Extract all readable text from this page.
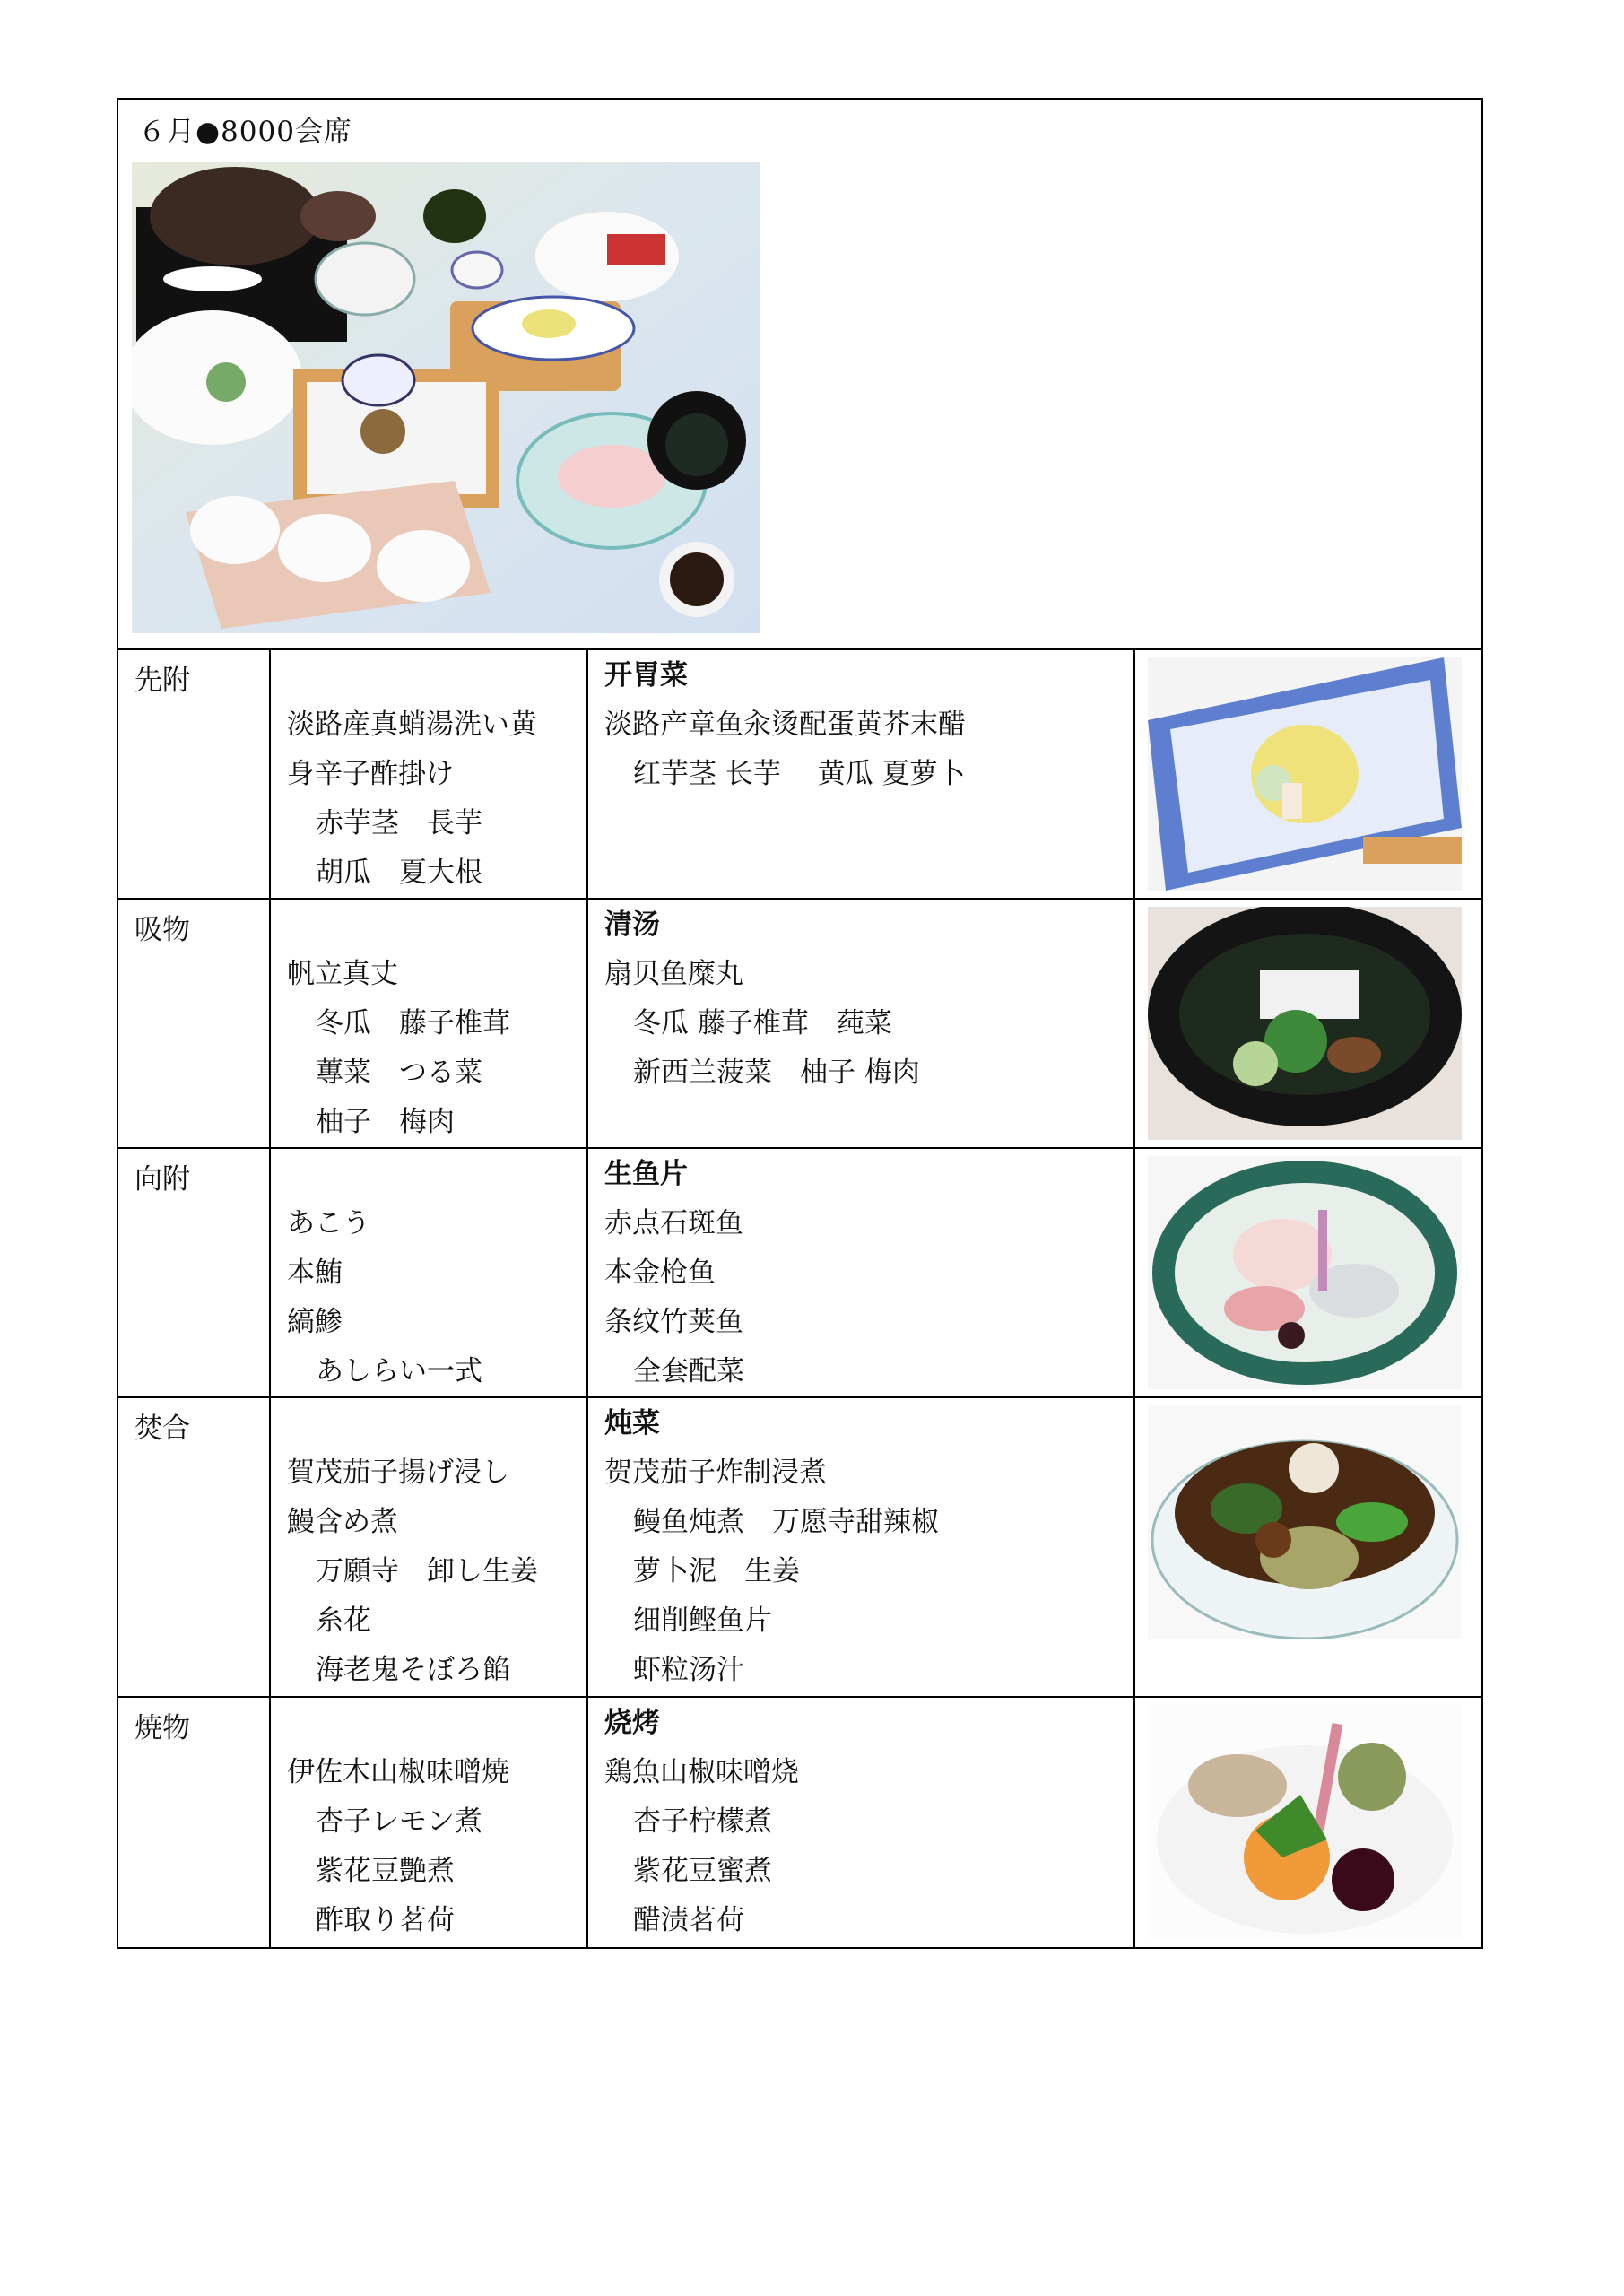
６月●8000会席
先附
淡路産真蛸湯洗い黄
身辛子酢掛け
赤芋茎　長芋
胡瓜　夏大根
开胃菜
淡路产章鱼汆烫配蛋黄芥末醋
红芋茎 长芋　 黄瓜 夏萝卜
吸物
帆立真丈
冬瓜　藤子椎茸
蓴菜　つる菜
柚子　梅肉
清汤
扇贝鱼糜丸
冬瓜 藤子椎茸　莼菜
新西兰菠菜　柚子 梅肉
向附
あこう
本鮪
縞鯵
あしらい一式
生鱼片
赤点石斑鱼
本金枪鱼
条纹竹荚鱼
全套配菜
焚合
賀茂茄子揚げ浸し
鰻含め煮
万願寺　卸し生姜
糸花
海老鬼そぼろ餡
炖菜
贺茂茄子炸制浸煮
鳗鱼炖煮　万愿寺甜辣椒
萝卜泥　生姜
细削鲣鱼片
虾粒汤汁
焼物
伊佐木山椒味噌焼
杏子レモン煮
紫花豆艶煮
酢取り茗荷
烧烤
鶏魚山椒味噌烧
杏子柠檬煮
紫花豆蜜煮
醋渍茗荷
